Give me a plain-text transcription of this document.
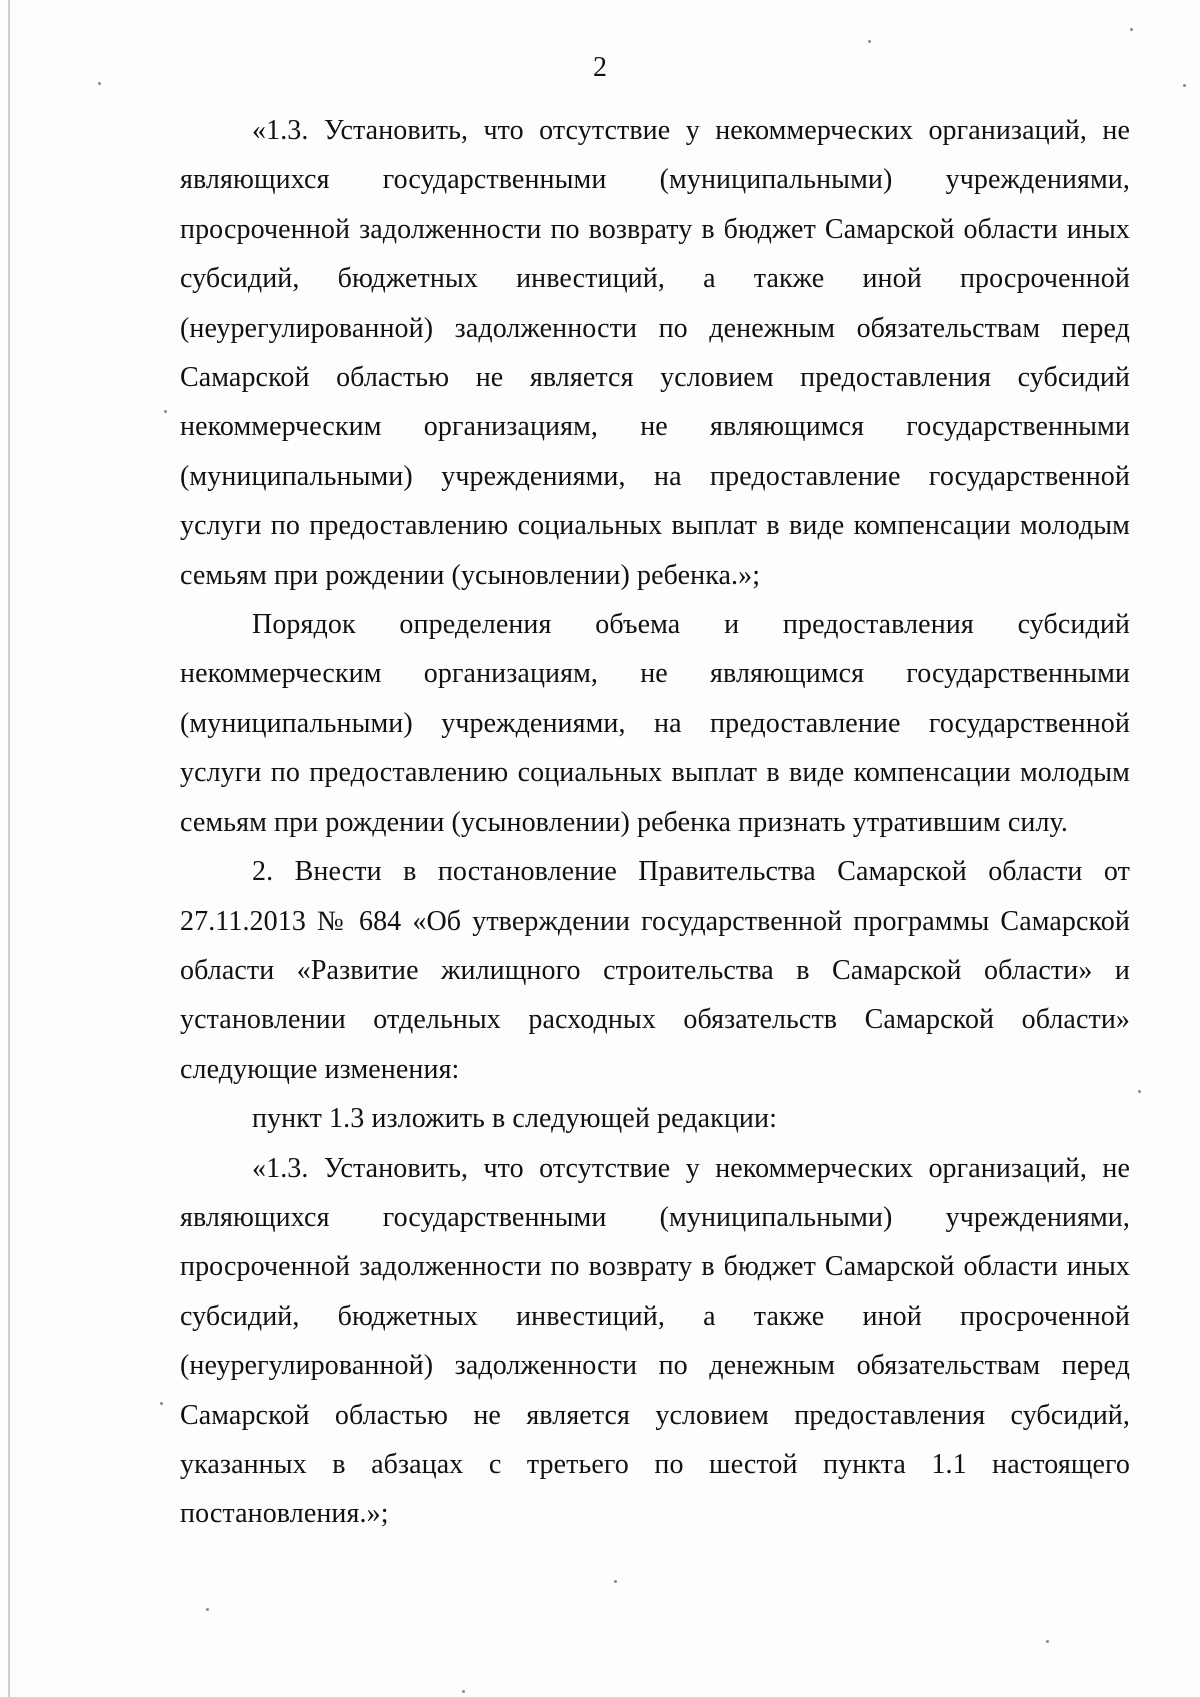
2

«1.3. Установить, что отсутствие у некоммерческих организаций, не являющихся государственными (муниципальными) учреждениями, просроченной задолженности по возврату в бюджет Самарской области иных субсидий, бюджетных инвестиций, а также иной просроченной (неурегулированной) задолженности по денежным обязательствам перед Самарской областью не является условием предоставления субсидий некоммерческим организациям, не являющимся государственными (муниципальными) учреждениями, на предоставление государственной услуги по предоставлению социальных выплат в виде компенсации молодым семьям при рождении (усыновлении) ребенка.»;

Порядок определения объема и предоставления субсидий некоммерческим организациям, не являющимся государственными (муниципальными) учреждениями, на предоставление государственной услуги по предоставлению социальных выплат в виде компенсации молодым семьям при рождении (усыновлении) ребенка признать утратившим силу.

2. Внести в постановление Правительства Самарской области от 27.11.2013 № 684 «Об утверждении государственной программы Самарской области «Развитие жилищного строительства в Самарской области» и установлении отдельных расходных обязательств Самарской области» следующие изменения:

пункт 1.3 изложить в следующей редакции:

«1.3. Установить, что отсутствие у некоммерческих организаций, не являющихся государственными (муниципальными) учреждениями, просроченной задолженности по возврату в бюджет Самарской области иных субсидий, бюджетных инвестиций, а также иной просроченной (неурегулированной) задолженности по денежным обязательствам перед Самарской областью не является условием предоставления субсидий, указанных в абзацах с третьего по шестой пункта 1.1 настоящего постановления.»;
